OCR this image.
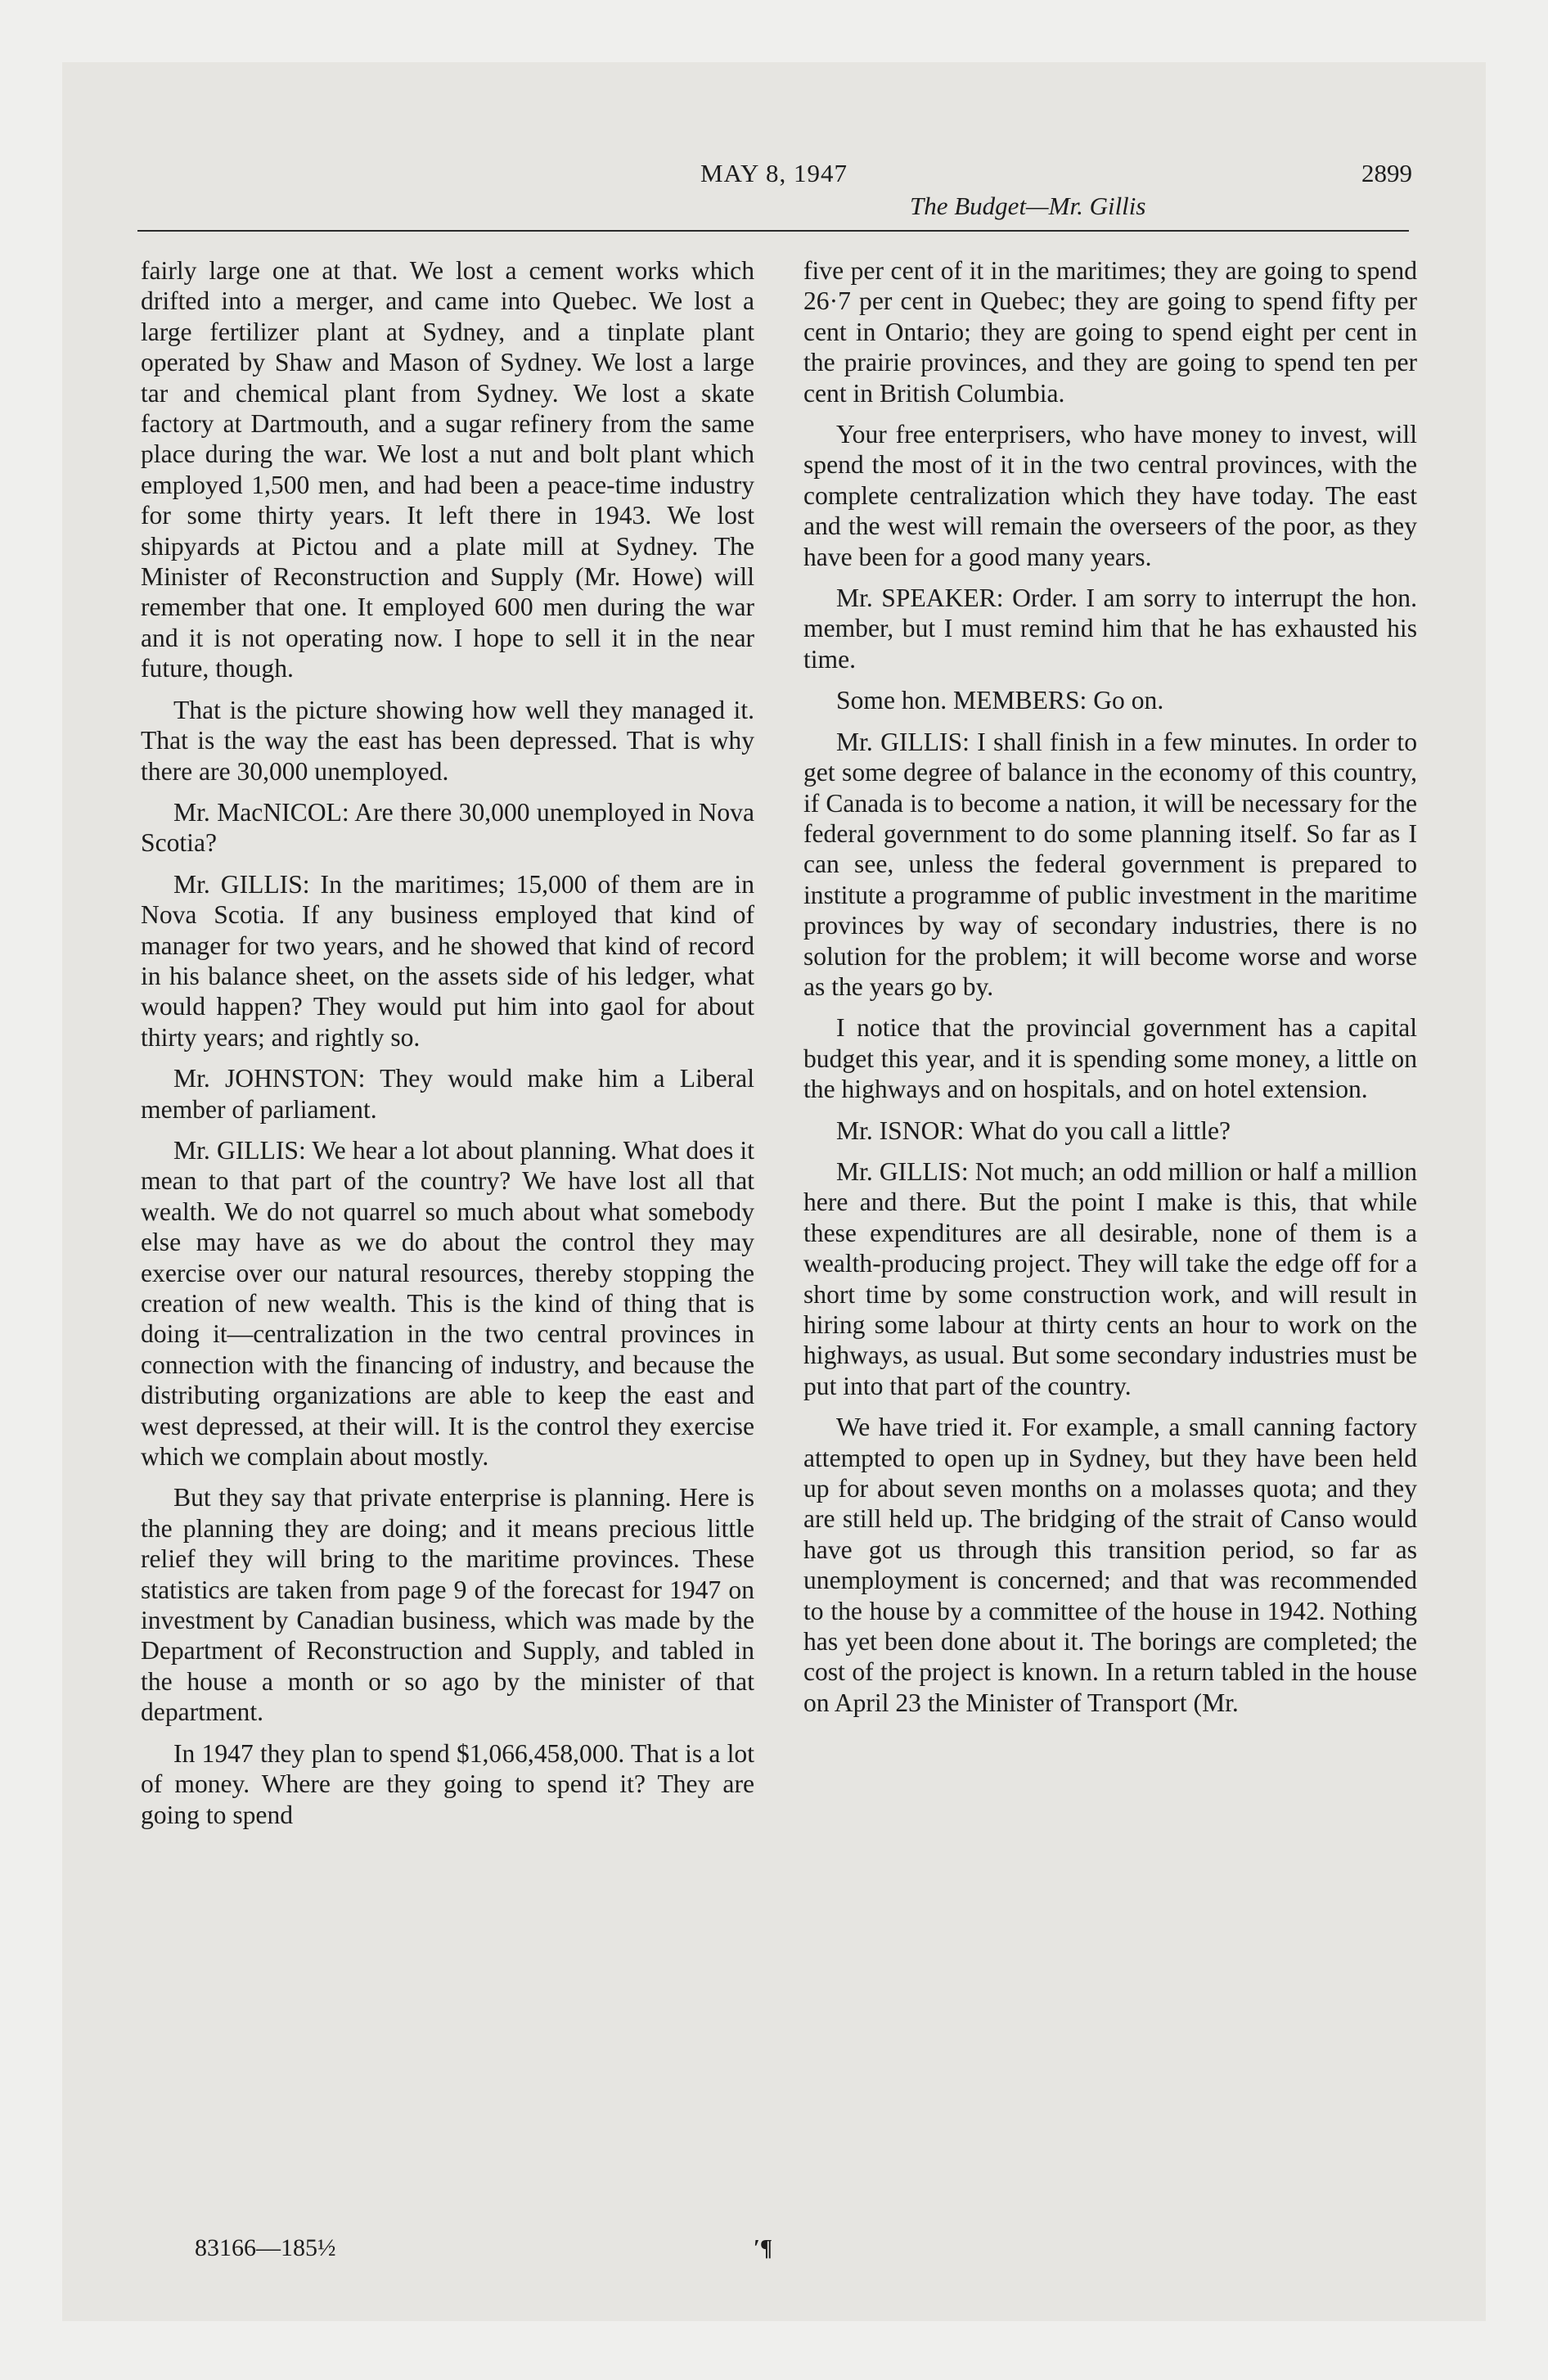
MAY 8, 1947	2899
The Budget—Mr. Gillis

fairly large one at that. We lost a cement works which drifted into a merger, and came into Quebec. We lost a large fertilizer plant at Sydney, and a tinplate plant operated by Shaw and Mason of Sydney. We lost a large tar and chemical plant from Sydney. We lost a skate factory at Dartmouth, and a sugar refinery from the same place during the war. We lost a nut and bolt plant which employed 1,500 men, and had been a peace-time industry for some thirty years. It left there in 1943. We lost shipyards at Pictou and a plate mill at Sydney. The Minister of Reconstruction and Supply (Mr. Howe) will remember that one. It employed 600 men during the war and it is not operating now. I hope to sell it in the near future, though.

That is the picture showing how well they managed it. That is the way the east has been depressed. That is why there are 30,000 unemployed.

Mr. MacNICOL: Are there 30,000 unemployed in Nova Scotia?

Mr. GILLIS: In the maritimes; 15,000 of them are in Nova Scotia. If any business employed that kind of manager for two years, and he showed that kind of record in his balance sheet, on the assets side of his ledger, what would happen? They would put him into gaol for about thirty years; and rightly so.

Mr. JOHNSTON: They would make him a Liberal member of parliament.

Mr. GILLIS: We hear a lot about planning. What does it mean to that part of the country? We have lost all that wealth. We do not quarrel so much about what somebody else may have as we do about the control they may exercise over our natural resources, thereby stopping the creation of new wealth. This is the kind of thing that is doing it—centralization in the two central provinces in connection with the financing of industry, and because the distributing organizations are able to keep the east and west depressed, at their will. It is the control they exercise which we complain about mostly.

But they say that private enterprise is planning. Here is the planning they are doing; and it means precious little relief they will bring to the maritime provinces. These statistics are taken from page 9 of the forecast for 1947 on investment by Canadian business, which was made by the Department of Reconstruction and Supply, and tabled in the house a month or so ago by the minister of that department.

In 1947 they plan to spend $1,066,458,000. That is a lot of money. Where are they going to spend it? They are going to spend

five per cent of it in the maritimes; they are going to spend 26·7 per cent in Quebec; they are going to spend fifty per cent in Ontario; they are going to spend eight per cent in the prairie provinces, and they are going to spend ten per cent in British Columbia.

Your free enterprisers, who have money to invest, will spend the most of it in the two central provinces, with the complete centralization which they have today. The east and the west will remain the overseers of the poor, as they have been for a good many years.

Mr. SPEAKER: Order. I am sorry to interrupt the hon. member, but I must remind him that he has exhausted his time.

Some hon. MEMBERS: Go on.

Mr. GILLIS: I shall finish in a few minutes. In order to get some degree of balance in the economy of this country, if Canada is to become a nation, it will be necessary for the federal government to do some planning itself. So far as I can see, unless the federal government is prepared to institute a programme of public investment in the maritime provinces by way of secondary industries, there is no solution for the problem; it will become worse and worse as the years go by.

I notice that the provincial government has a capital budget this year, and it is spending some money, a little on the highways and on hospitals, and on hotel extension.

Mr. ISNOR: What do you call a little?

Mr. GILLIS: Not much; an odd million or half a million here and there. But the point I make is this, that while these expenditures are all desirable, none of them is a wealth-producing project. They will take the edge off for a short time by some construction work, and will result in hiring some labour at thirty cents an hour to work on the highways, as usual. But some secondary industries must be put into that part of the country.

We have tried it. For example, a small canning factory attempted to open up in Sydney, but they have been held up for about seven months on a molasses quota; and they are still held up. The bridging of the strait of Canso would have got us through this transition period, so far as unemployment is concerned; and that was recommended to the house by a committee of the house in 1942. Nothing has yet been done about it. The borings are completed; the cost of the project is known. In a return tabled in the house on April 23 the Minister of Transport (Mr.

83166—185½	′¶
